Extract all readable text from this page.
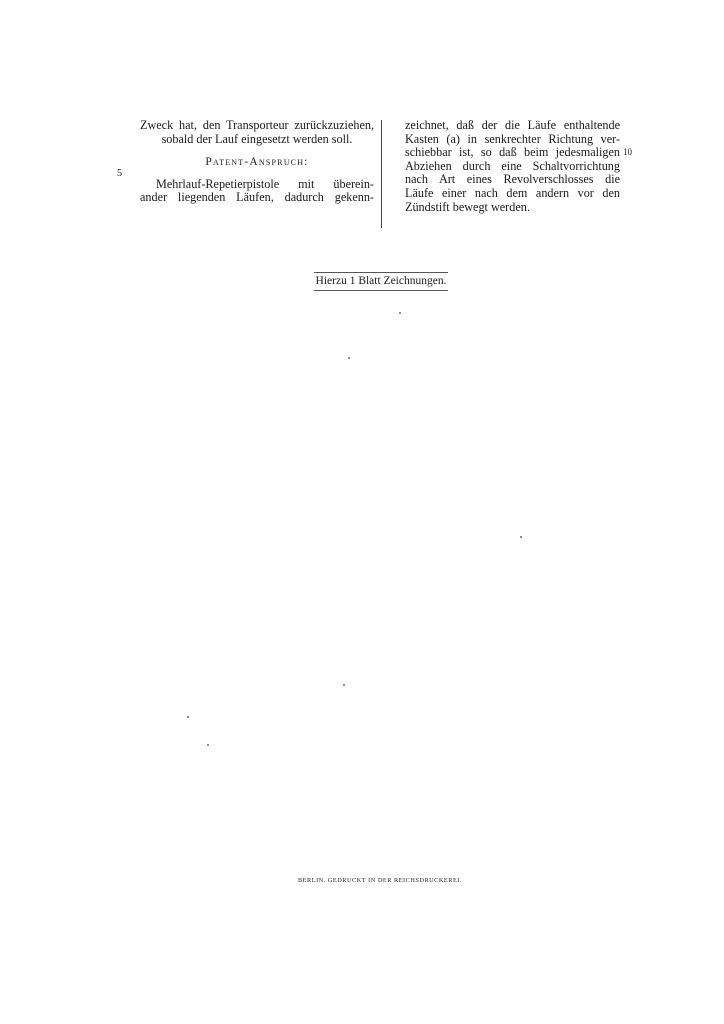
Zweck hat, den Transporteur zurückzuziehen,
sobald der Lauf eingesetzt werden soll.
Patent-Anspruch:
Mehrlauf-Repetierpistole mit überein-
ander liegenden Läufen, dadurch gekenn-
zeichnet, daß der die Läufe enthaltende
Kasten (a) in senkrechter Richtung ver-
schiebbar ist, so daß beim jedesmaligen
Abziehen durch eine Schaltvorrichtung
nach Art eines Revolverschlosses die
Läufe einer nach dem andern vor den
Zündstift bewegt werden.
5
10
Hierzu 1 Blatt Zeichnungen.
BERLIN. GEDRUCKT IN DER REICHSDRUCKEREI.
